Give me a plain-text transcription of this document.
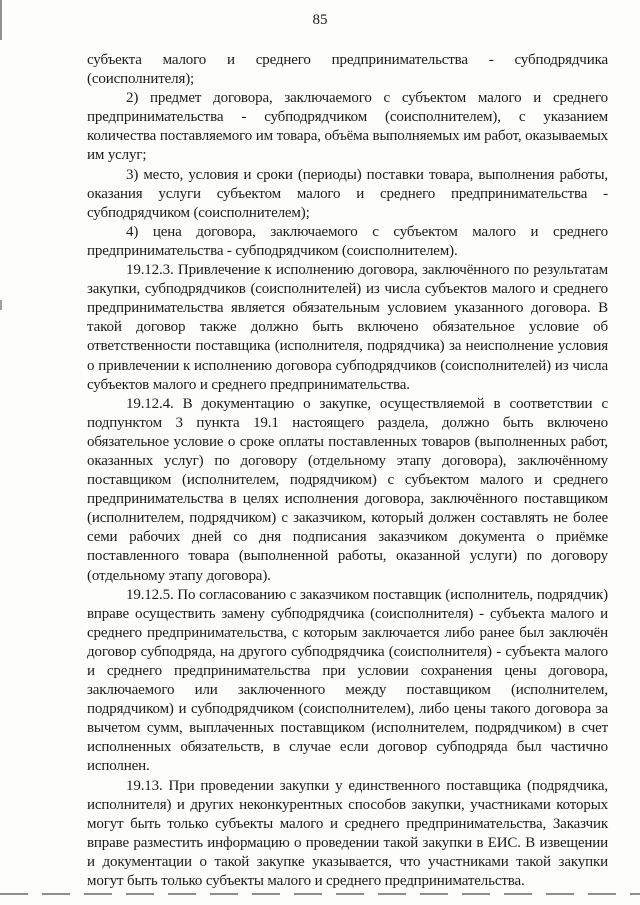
85

субъекта малого и среднего предпринимательства - субподрядчика (соисполнителя);

2) предмет договора, заключаемого с субъектом малого и среднего предпринимательства - субподрядчиком (соисполнителем), с указанием количества поставляемого им товара, объёма выполняемых им работ, оказываемых им услуг;

3) место, условия и сроки (периоды) поставки товара, выполнения работы, оказания услуги субъектом малого и среднего предпринимательства - субподрядчиком (соисполнителем);

4) цена договора, заключаемого с субъектом малого и среднего предпринимательства - субподрядчиком (соисполнителем).

19.12.3. Привлечение к исполнению договора, заключённого по результатам закупки, субподрядчиков (соисполнителей) из числа субъектов малого и среднего предпринимательства является обязательным условием указанного договора. В такой договор также должно быть включено обязательное условие об ответственности поставщика (исполнителя, подрядчика) за неисполнение условия о привлечении к исполнению договора субподрядчиков (соисполнителей) из числа субъектов малого и среднего предпринимательства.

19.12.4. В документацию о закупке, осуществляемой в соответствии с подпунктом 3 пункта 19.1 настоящего раздела, должно быть включено обязательное условие о сроке оплаты поставленных товаров (выполненных работ, оказанных услуг) по договору (отдельному этапу договора), заключённому поставщиком (исполнителем, подрядчиком) с субъектом малого и среднего предпринимательства в целях исполнения договора, заключённого поставщиком (исполнителем, подрядчиком) с заказчиком, который должен составлять не более семи рабочих дней со дня подписания заказчиком документа о приёмке поставленного товара (выполненной работы, оказанной услуги) по договору (отдельному этапу договора).

19.12.5. По согласованию с заказчиком поставщик (исполнитель, подрядчик) вправе осуществить замену субподрядчика (соисполнителя) - субъекта малого и среднего предпринимательства, с которым заключается либо ранее был заключён договор субподряда, на другого субподрядчика (соисполнителя) - субъекта малого и среднего предпринимательства при условии сохранения цены договора, заключаемого или заключенного между поставщиком (исполнителем, подрядчиком) и субподрядчиком (соисполнителем), либо цены такого договора за вычетом сумм, выплаченных поставщиком (исполнителем, подрядчиком) в счет исполненных обязательств, в случае если договор субподряда был частично исполнен.

19.13. При проведении закупки у единственного поставщика (подрядчика, исполнителя) и других неконкурентных способов закупки, участниками которых могут быть только субъекты малого и среднего предпринимательства, Заказчик вправе разместить информацию о проведении такой закупки в ЕИС. В извещении и документации о такой закупке указывается, что участниками такой закупки могут быть только субъекты малого и среднего предпринимательства.
